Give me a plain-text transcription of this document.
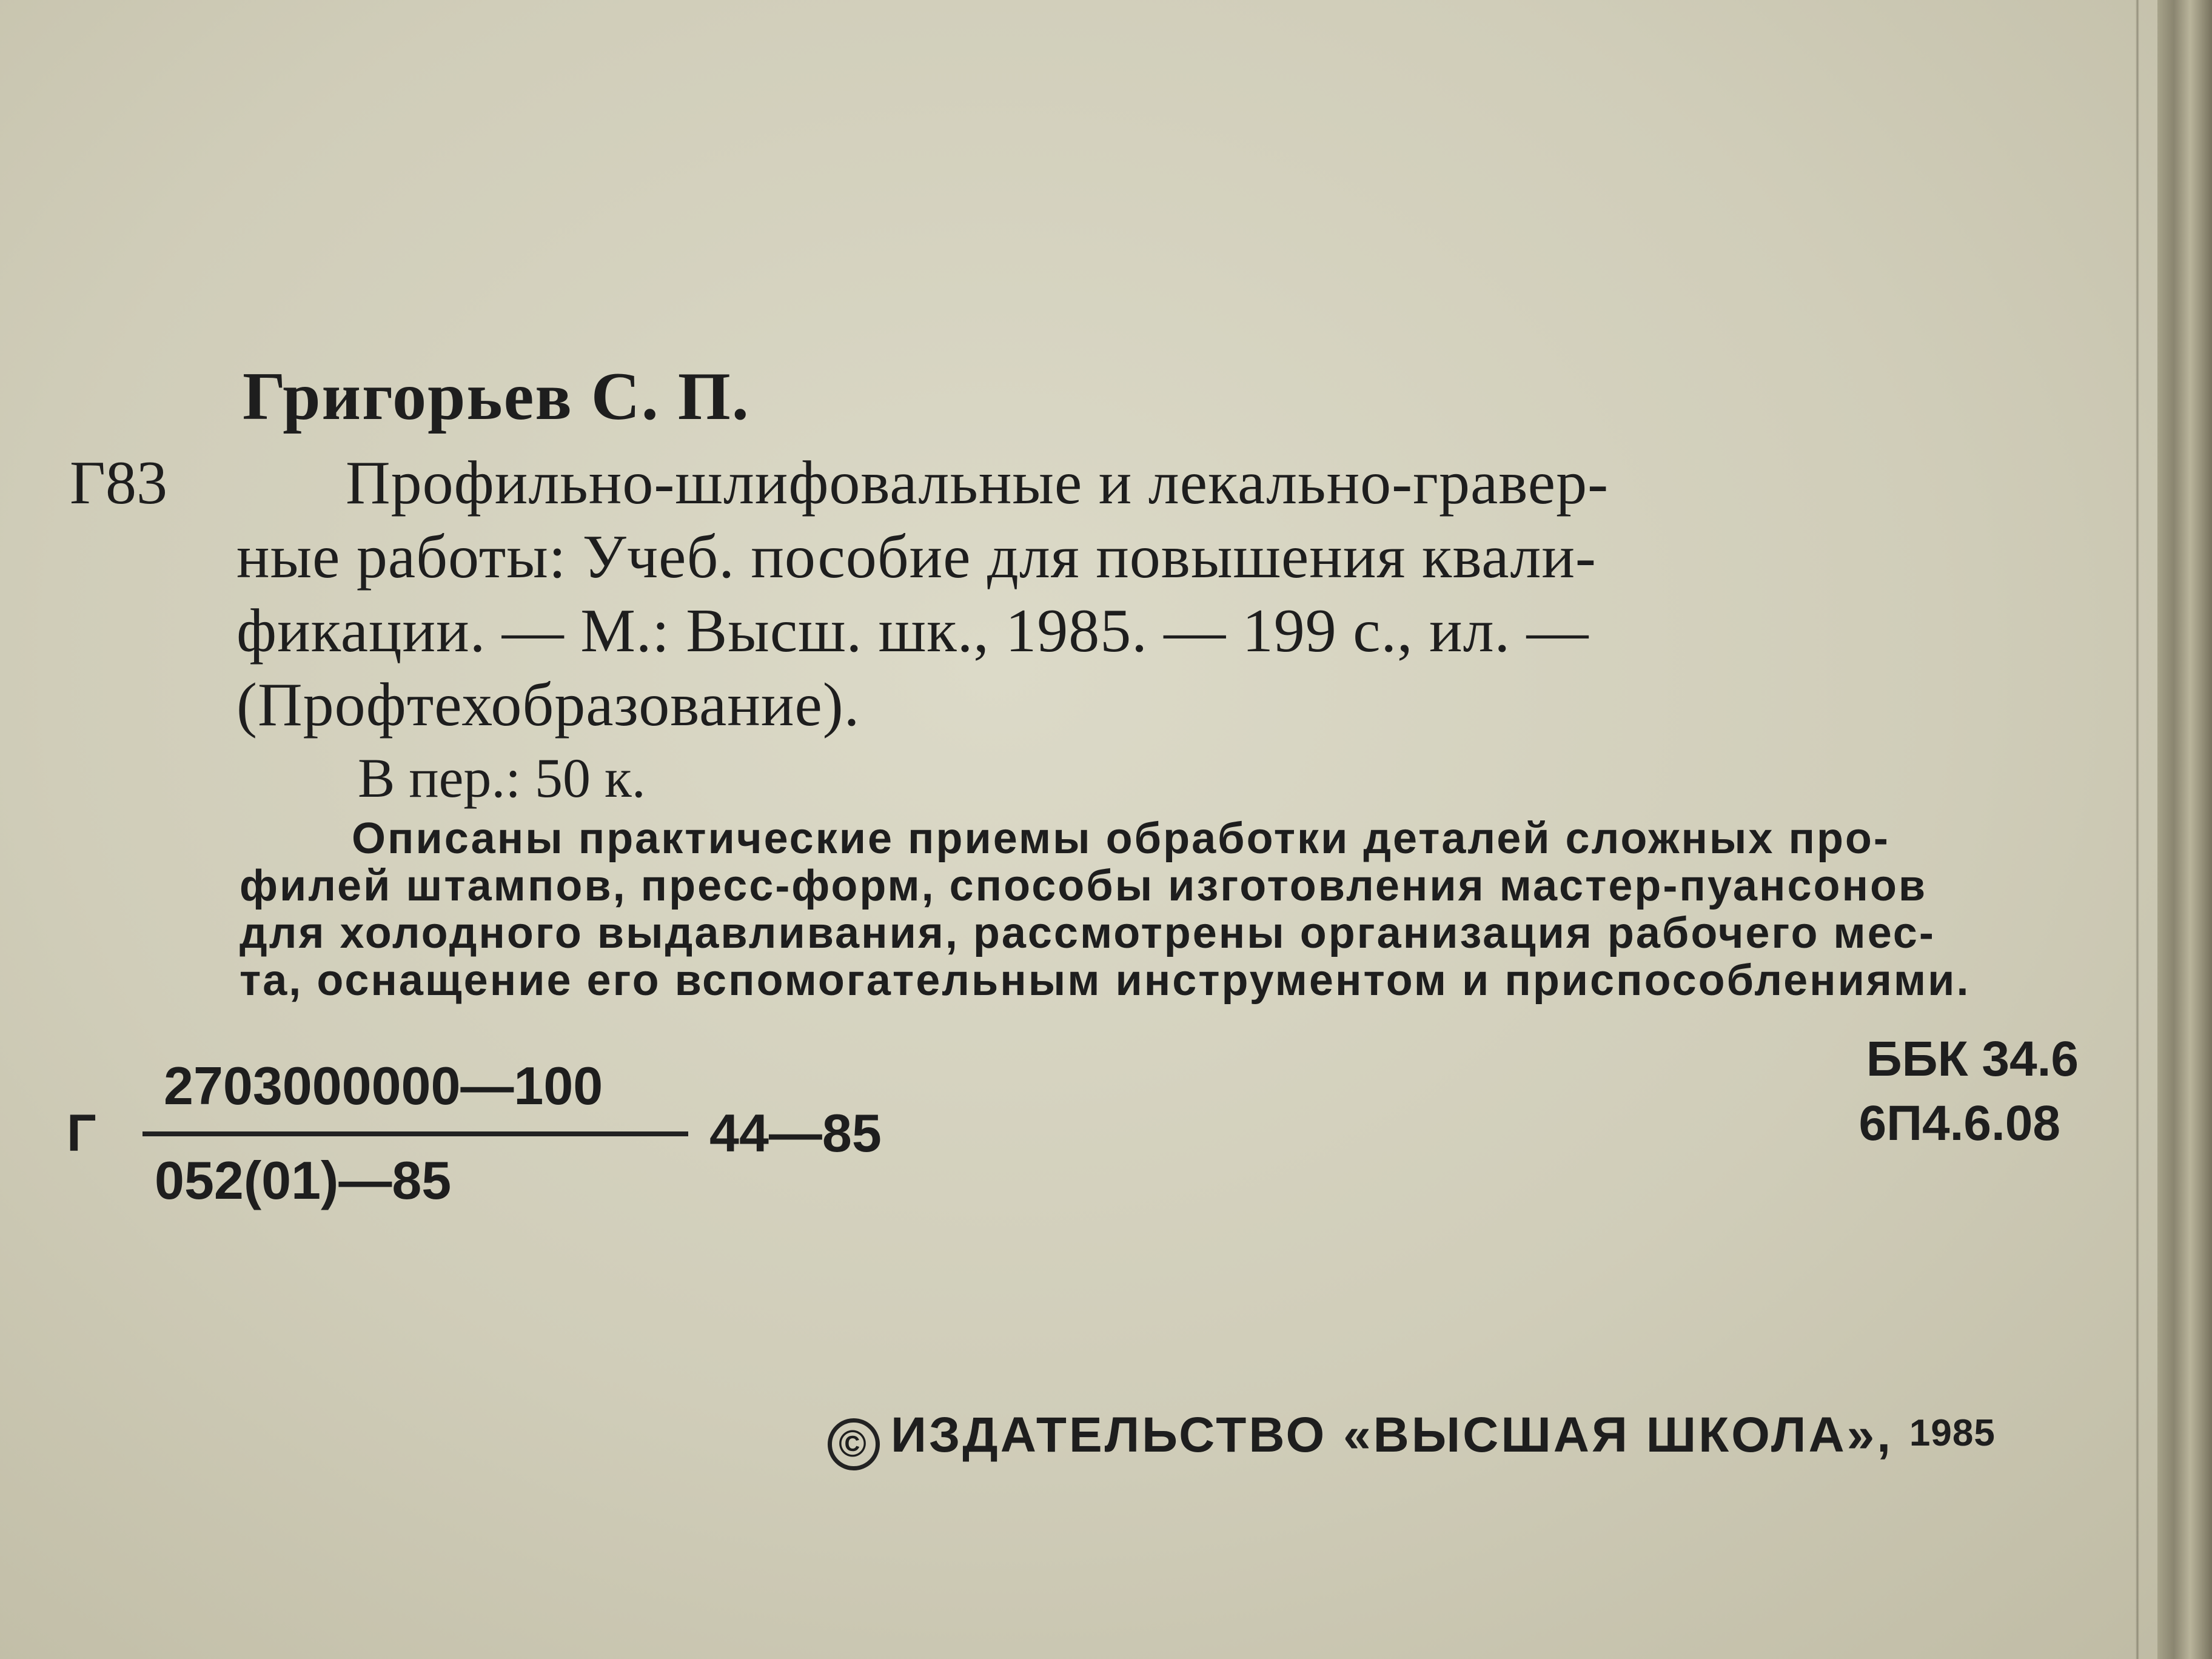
Григорьев С. П.
Г83	Профильно-шлифовальные и лекально-гравер-
ные работы: Учеб. пособие для повышения квали-
фикации. — М.: Высш. шк., 1985. — 199 с., ил. —
(Профтехобразование).
В пер.: 50 к.
Описаны практические приемы обработки деталей сложных про-
филей штампов, пресс-форм, способы изготовления мастер-пуансонов
для холодного выдавливания, рассмотрены организация рабочего мес-
та, оснащение его вспомогательным инструментом и приспособлениями.
Г
2703000000—100
052(01)—85
44—85
ББК 34.6
6П4.6.08
© ИЗДАТЕЛЬСТВО «ВЫСШАЯ ШКОЛА», 1985
